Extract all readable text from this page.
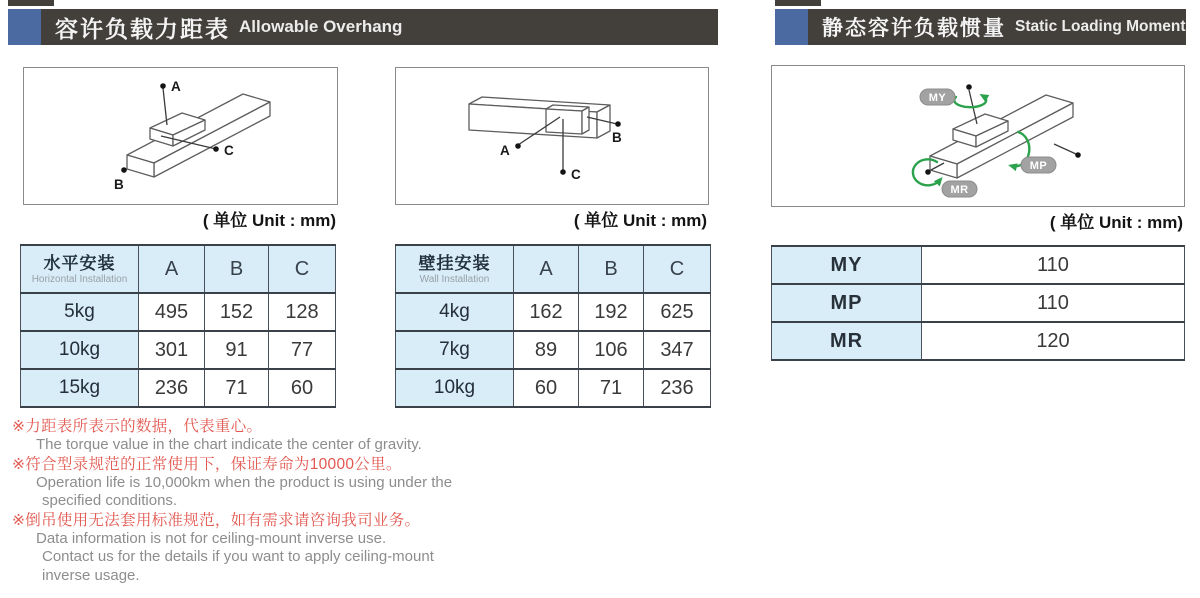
容许负载力距表 Allowable Overhang	静态容许负载惯量 Static Loading Moment
A
C
B
( 单位 Unit : mm)
A
C
B
( 单位 Unit : mm)
MY
MP
MR
( 单位 Unit : mm)
水平安装
Horizontal Installation	A	B	C
5kg	495	152	128
10kg	301	91	77
15kg	236	71	60
壁挂安装
Wall Installation	A	B	C
4kg	162	192	625
7kg	89	106	347
10kg	60	71	236
MY	110
MP	110
MR	120
※力距表所表示的数据，代表重心。
The torque value in the chart indicate the center of gravity.
※符合型录规范的正常使用下，保证寿命为10000公里。
Operation life is 10,000km when the product is using under the
specified conditions.
※倒吊使用无法套用标准规范，如有需求请咨询我司业务。
Data information is not for ceiling-mount inverse use.
Contact us for the details if you want to apply ceiling-mount
inverse usage.
